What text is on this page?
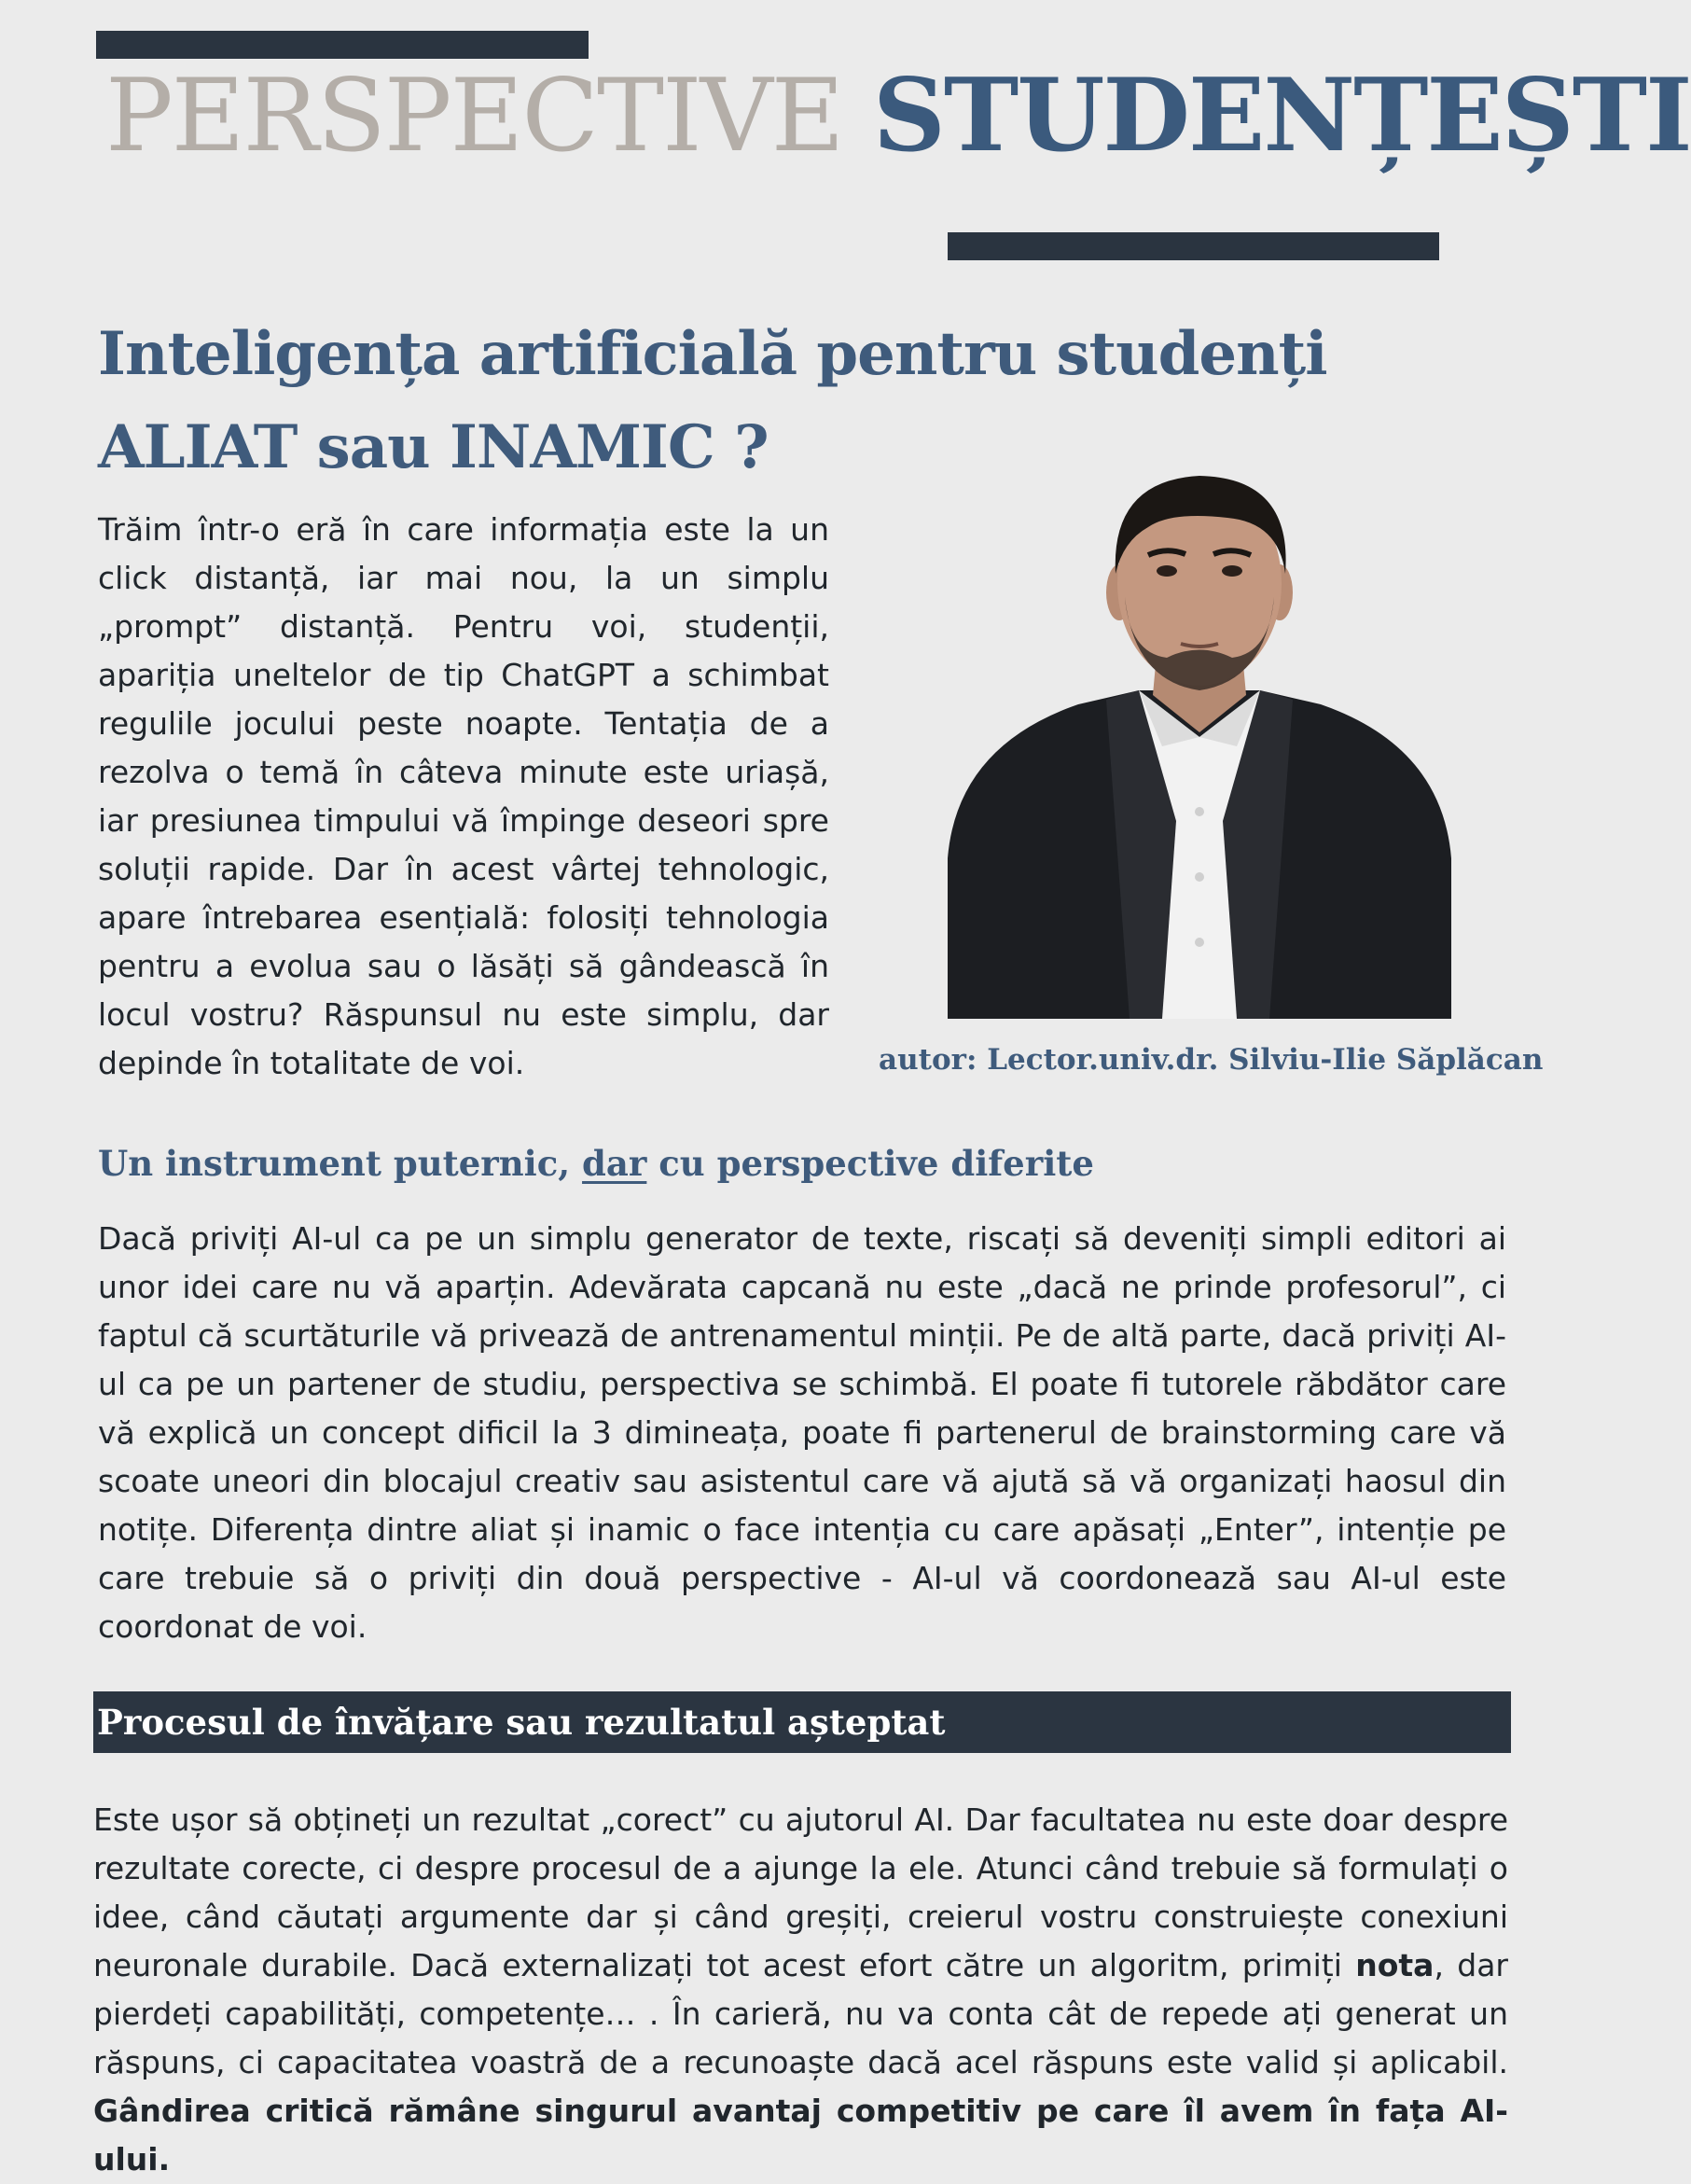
PERSPECTIVE STUDENȚEȘTI
Inteligența artificială pentru studenți
ALIAT sau INAMIC ?

Trăim într-o eră în care informația este la un click distanță, iar mai nou, la un simplu „prompt” distanță. Pentru voi, studenții, apariția uneltelor de tip ChatGPT a schimbat regulile jocului peste noapte. Tentația de a rezolva o temă în câteva minute este uriașă, iar presiunea timpului vă împinge deseori spre soluții rapide. Dar în acest vârtej tehnologic, apare întrebarea esențială: folosiți tehnologia pentru a evolua sau o lăsăți să gândească în locul vostru? Răspunsul nu este simplu, dar depinde în totalitate de voi.	autor: Lector.univ.dr. Silviu-Ilie Săplăcan

Un instrument puternic, dar cu perspective diferite

Dacă priviți AI-ul ca pe un simplu generator de texte, riscați să deveniți simpli editori ai unor idei care nu vă aparțin. Adevărata capcană nu este „dacă ne prinde profesorul”, ci faptul că scurtăturile vă privează de antrenamentul minții. Pe de altă parte, dacă priviți AI-ul ca pe un partener de studiu, perspectiva se schimbă. El poate fi tutorele răbdător care vă explică un concept dificil la 3 dimineața, poate fi partenerul de brainstorming care vă scoate uneori din blocajul creativ sau asistentul care vă ajută să vă organizați haosul din notițe. Diferența dintre aliat și inamic o face intenția cu care apăsați „Enter”, intenție pe care trebuie să o priviți din două perspective - AI-ul vă coordonează sau AI-ul este coordonat de voi.

Procesul de învățare sau rezultatul așteptat

Este ușor să obțineți un rezultat „corect” cu ajutorul AI. Dar facultatea nu este doar despre rezultate corecte, ci despre procesul de a ajunge la ele. Atunci când trebuie să formulați o idee, când căutați argumente dar și când greșiți, creierul vostru construiește conexiuni neuronale durabile. Dacă externalizați tot acest efort către un algoritm, primiți nota, dar pierdeți capabilități, competențe… . În carieră, nu va conta cât de repede ați generat un răspuns, ci capacitatea voastră de a recunoaște dacă acel răspuns este valid și aplicabil. Gândirea critică rămâne singurul avantaj competitiv pe care îl avem în fața AI-ului.
